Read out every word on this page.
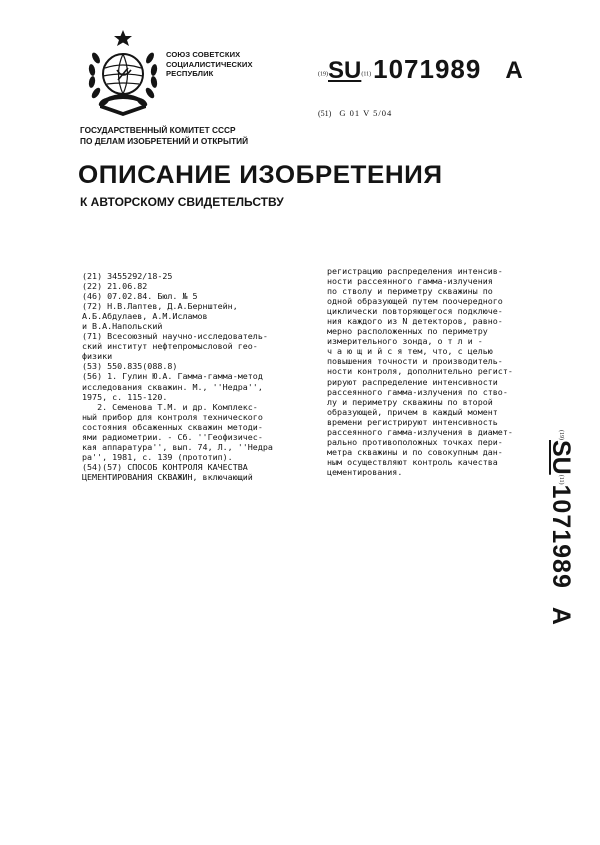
СОЮЗ СОВЕТСКИХ
СОЦИАЛИСТИЧЕСКИХ
РЕСПУБЛИК	(19)SU(11)1071989 A
(51) G 01 V 5/04
ГОСУДАРСТВЕННЫЙ КОМИТЕТ СССР
ПО ДЕЛАМ ИЗОБРЕТЕНИЙ И ОТКРЫТИЙ
ОПИСАНИЕ ИЗОБРЕТЕНИЯ
К АВТОРСКОМУ СВИДЕТЕЛЬСТВУ
(21) 3455292/18-25
(22) 21.06.82
(46) 07.02.84. Бюл. № 5
(72) Н.В.Лаптев, Д.А.Бернштейн,
А.Б.Абдулаев, А.М.Исламов
и В.А.Напольский
(71) Всесоюзный научно-исследователь-
ский институт нефтепромысловой гео-
физики
(53) 550.835(088.8)
(56) 1. Гулин Ю.А. Гамма-гамма-метод
исследования скважин. М., ''Недра'',
1975, с. 115-120.
2. Семенова Т.М. и др. Комплекс-
ный прибор для контроля технического
состояния обсаженных скважин методи-
ями радиометрии. - Сб. ''Геофизичес-
кая аппаратура'', вып. 74, Л., ''Недра
ра'', 1981, с. 139 (прототип).
(54)(57) СПОСОБ КОНТРОЛЯ КАЧЕСТВА
ЦЕМЕНТИРОВАНИЯ СКВАЖИН, включающий
регистрацию распределения интенсив-
ности рассеянного гамма-излучения
по стволу и периметру скважины по
одной образующей путем поочередного
циклически повторяющегося подключе-
ния каждого из N детекторов, равно-
мерно расположенных по периметру
измерительного зонда, о т л и -
ч а ю щ и й с я тем, что, с целью
повышения точности и производитель-
ности контроля, дополнительно регист-
рируют распределение интенсивности
рассеянного гамма-излучения по ство-
лу и периметру скважины по второй
образующей, причем в каждый момент
времени регистрируют интенсивность
рассеянного гамма-излучения в диамет-
рально противоположных точках пери-
метра скважины и по совокупным дан-
ным осуществляют контроль качества
цементирования.
(19)
SU
(11)
1071989
A
